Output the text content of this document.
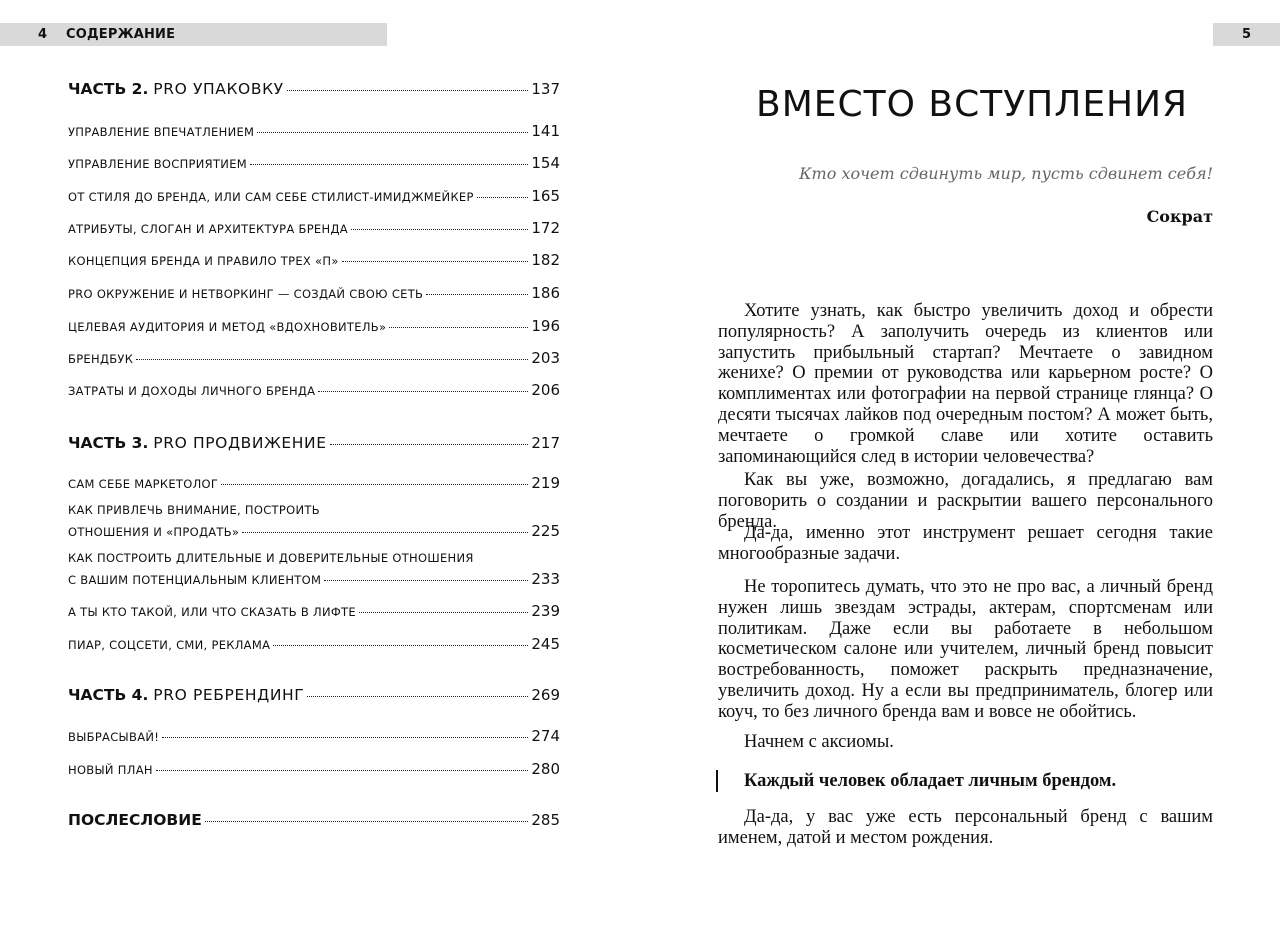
4	СОДЕРЖАНИЕ	5
ЧАСТЬ 2. PRO УПАКОВКУ	137
УПРАВЛЕНИЕ ВПЕЧАТЛЕНИЕМ	141
УПРАВЛЕНИЕ ВОСПРИЯТИЕМ	154
ОТ СТИЛЯ ДО БРЕНДА, ИЛИ САМ СЕБЕ СТИЛИСТ-ИМИДЖМЕЙКЕР	165
АТРИБУТЫ, СЛОГАН И АРХИТЕКТУРА БРЕНДА	172
КОНЦЕПЦИЯ БРЕНДА И ПРАВИЛО ТРЕХ «П»	182
PRO ОКРУЖЕНИЕ И НЕТВОРКИНГ — СОЗДАЙ СВОЮ СЕТЬ	186
ЦЕЛЕВАЯ АУДИТОРИЯ И МЕТОД «ВДОХНОВИТЕЛЬ»	196
БРЕНДБУК	203
ЗАТРАТЫ И ДОХОДЫ ЛИЧНОГО БРЕНДА	206
ЧАСТЬ 3. PRO ПРОДВИЖЕНИЕ	217
САМ СЕБЕ МАРКЕТОЛОГ	219
КАК ПРИВЛЕЧЬ ВНИМАНИЕ, ПОСТРОИТЬ
ОТНОШЕНИЯ И «ПРОДАТЬ»	225
КАК ПОСТРОИТЬ ДЛИТЕЛЬНЫЕ И ДОВЕРИТЕЛЬНЫЕ ОТНОШЕНИЯ
С ВАШИМ ПОТЕНЦИАЛЬНЫМ КЛИЕНТОМ	233
А ТЫ КТО ТАКОЙ, ИЛИ ЧТО СКАЗАТЬ В ЛИФТЕ	239
ПИАР, СОЦСЕТИ, СМИ, РЕКЛАМА	245
ЧАСТЬ 4. PRO РЕБРЕНДИНГ	269
ВЫБРАСЫВАЙ!	274
НОВЫЙ ПЛАН	280
ПОСЛЕСЛОВИЕ	285
ВМЕСТО ВСТУПЛЕНИЯ
Кто хочет сдвинуть мир, пусть сдвинет себя!
Сократ

Хотите узнать, как быстро увеличить доход и обрести популярность? А заполучить очередь из клиентов или запустить прибыльный стартап? Мечтаете о завидном женихе? О премии от руководства или карьерном росте? О комплиментах или фотографии на первой странице глянца? О десяти тысячах лайков под очередным постом? А может быть, мечтаете о громкой славе или хотите оставить запоминающийся след в истории человечества?

Как вы уже, возможно, догадались, я предлагаю вам поговорить о создании и раскрытии вашего персонального бренда.

Да-да, именно этот инструмент решает сегодня такие многообразные задачи.

Не торопитесь думать, что это не про вас, а личный бренд нужен лишь звездам эстрады, актерам, спортсменам или политикам. Даже если вы работаете в небольшом косметическом салоне или учителем, личный бренд повысит востребованность, поможет раскрыть предназначение, увеличить доход. Ну а если вы предприниматель, блогер или коуч, то без личного бренда вам и вовсе не обойтись.

Начнем с аксиомы.

Каждый человек обладает личным брендом.

Да-да, у вас уже есть персональный бренд с вашим именем, датой и местом рождения.
